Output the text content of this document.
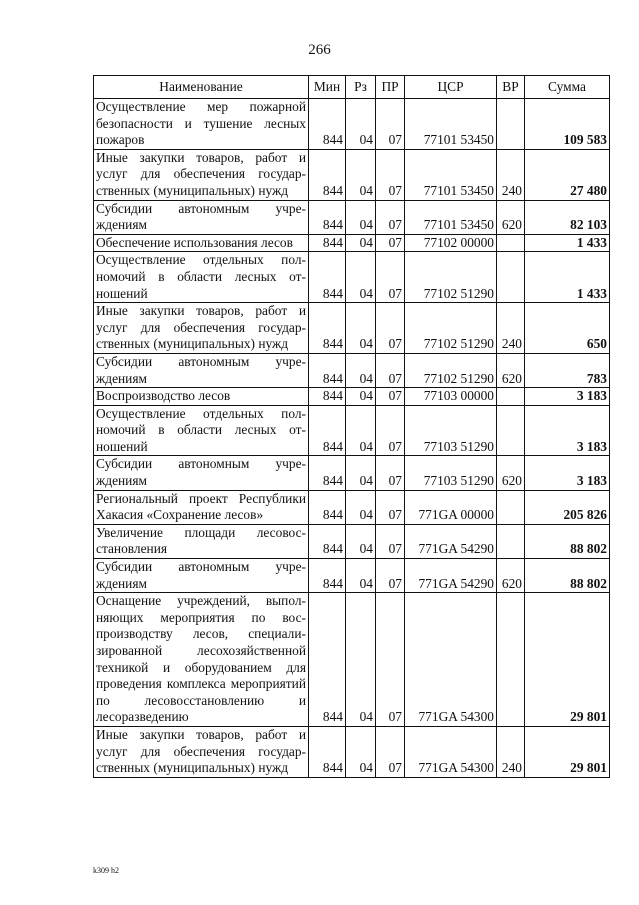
266
Наименование	Мин	Рз	ПР	ЦСР	ВР	Сумма
Осуществление мер пожарной безопасности и тушение лесных пожаров	844	04	07	77101 53450		109 583
Иные закупки товаров, работ и услуг для обеспечения государственных (муниципальных) нужд	844	04	07	77101 53450	240	27 480
Субсидии автономным учреждениям	844	04	07	77101 53450	620	82 103
Обеспечение использования лесов	844	04	07	77102 00000		1 433
Осуществление отдельных полномочий в области лесных отношений	844	04	07	77102 51290		1 433
Иные закупки товаров, работ и услуг для обеспечения государственных (муниципальных) нужд	844	04	07	77102 51290	240	650
Субсидии автономным учреждениям	844	04	07	77102 51290	620	783
Воспроизводство лесов	844	04	07	77103 00000		3 183
Осуществление отдельных полномочий в области лесных отношений	844	04	07	77103 51290		3 183
Субсидии автономным учреждениям	844	04	07	77103 51290	620	3 183
Региональный проект Республики Хакасия «Сохранение лесов»	844	04	07	771GA 00000		205 826
Увеличение площади лесовосстановления	844	04	07	771GA 54290		88 802
Субсидии автономным учреждениям	844	04	07	771GA 54290	620	88 802
Оснащение учреждений, выполняющих мероприятия по воспроизводству лесов, специализированной лесохозяйственной техникой и оборудованием для проведения комплекса мероприятий по лесовосстановлению и лесоразведению	844	04	07	771GA 54300		29 801
Иные закупки товаров, работ и услуг для обеспечения государственных (муниципальных) нужд	844	04	07	771GA 54300	240	29 801
k309 h2
